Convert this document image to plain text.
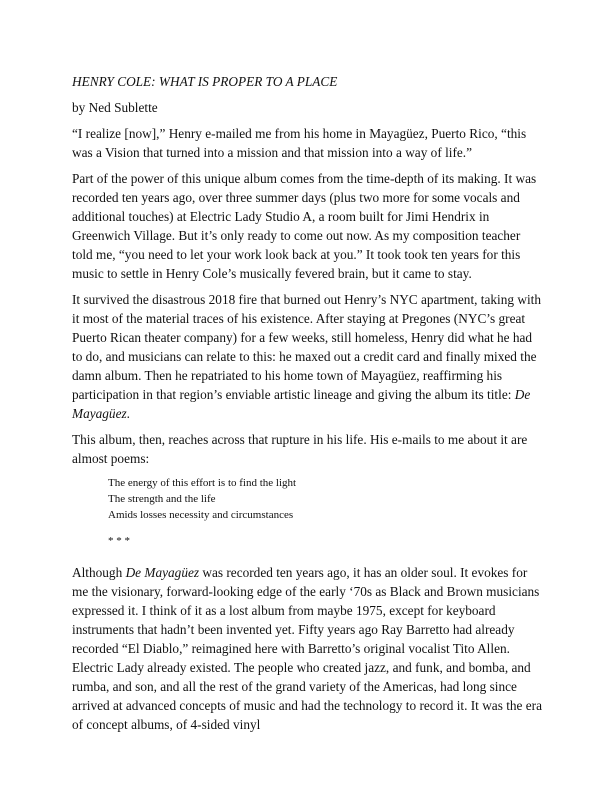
HENRY COLE: WHAT IS PROPER TO A PLACE
by Ned Sublette

“I realize [now],” Henry e-mailed me from his home in Mayagüez, Puerto Rico, “this was a Vision that turned into a mission and that mission into a way of life.”

Part of the power of this unique album comes from the time-depth of its making. It was recorded ten years ago, over three summer days (plus two more for some vocals and additional touches) at Electric Lady Studio A, a room built for Jimi Hendrix in Greenwich Village. But it’s only ready to come out now. As my composition teacher told me, “you need to let your work look back at you.” It took took ten years for this music to settle in Henry Cole’s musically fevered brain, but it came to stay.

It survived the disastrous 2018 fire that burned out Henry’s NYC apartment, taking with it most of the material traces of his existence. After staying at Pregones (NYC’s great Puerto Rican theater company) for a few weeks, still homeless, Henry did what he had to do, and musicians can relate to this: he maxed out a credit card and finally mixed the damn album. Then he repatriated to his home town of Mayagüez, reaffirming his participation in that region’s enviable artistic lineage and giving the album its title: De Mayagüez.

This album, then, reaches across that rupture in his life. His e-mails to me about it are almost poems:

The energy of this effort is to find the light
The strength and the life
Amids losses necessity and circumstances
* * *

Although De Mayagüez was recorded ten years ago, it has an older soul. It evokes for me the visionary, forward-looking edge of the early ‘70s as Black and Brown musicians expressed it. I think of it as a lost album from maybe 1975, except for keyboard instruments that hadn’t been invented yet. Fifty years ago Ray Barretto had already recorded “El Diablo,” reimagined here with Barretto’s original vocalist Tito Allen. Electric Lady already existed. The people who created jazz, and funk, and bomba, and rumba, and son, and all the rest of the grand variety of the Americas, had long since arrived at advanced concepts of music and had the technology to record it. It was the era of concept albums, of 4-sided vinyl
